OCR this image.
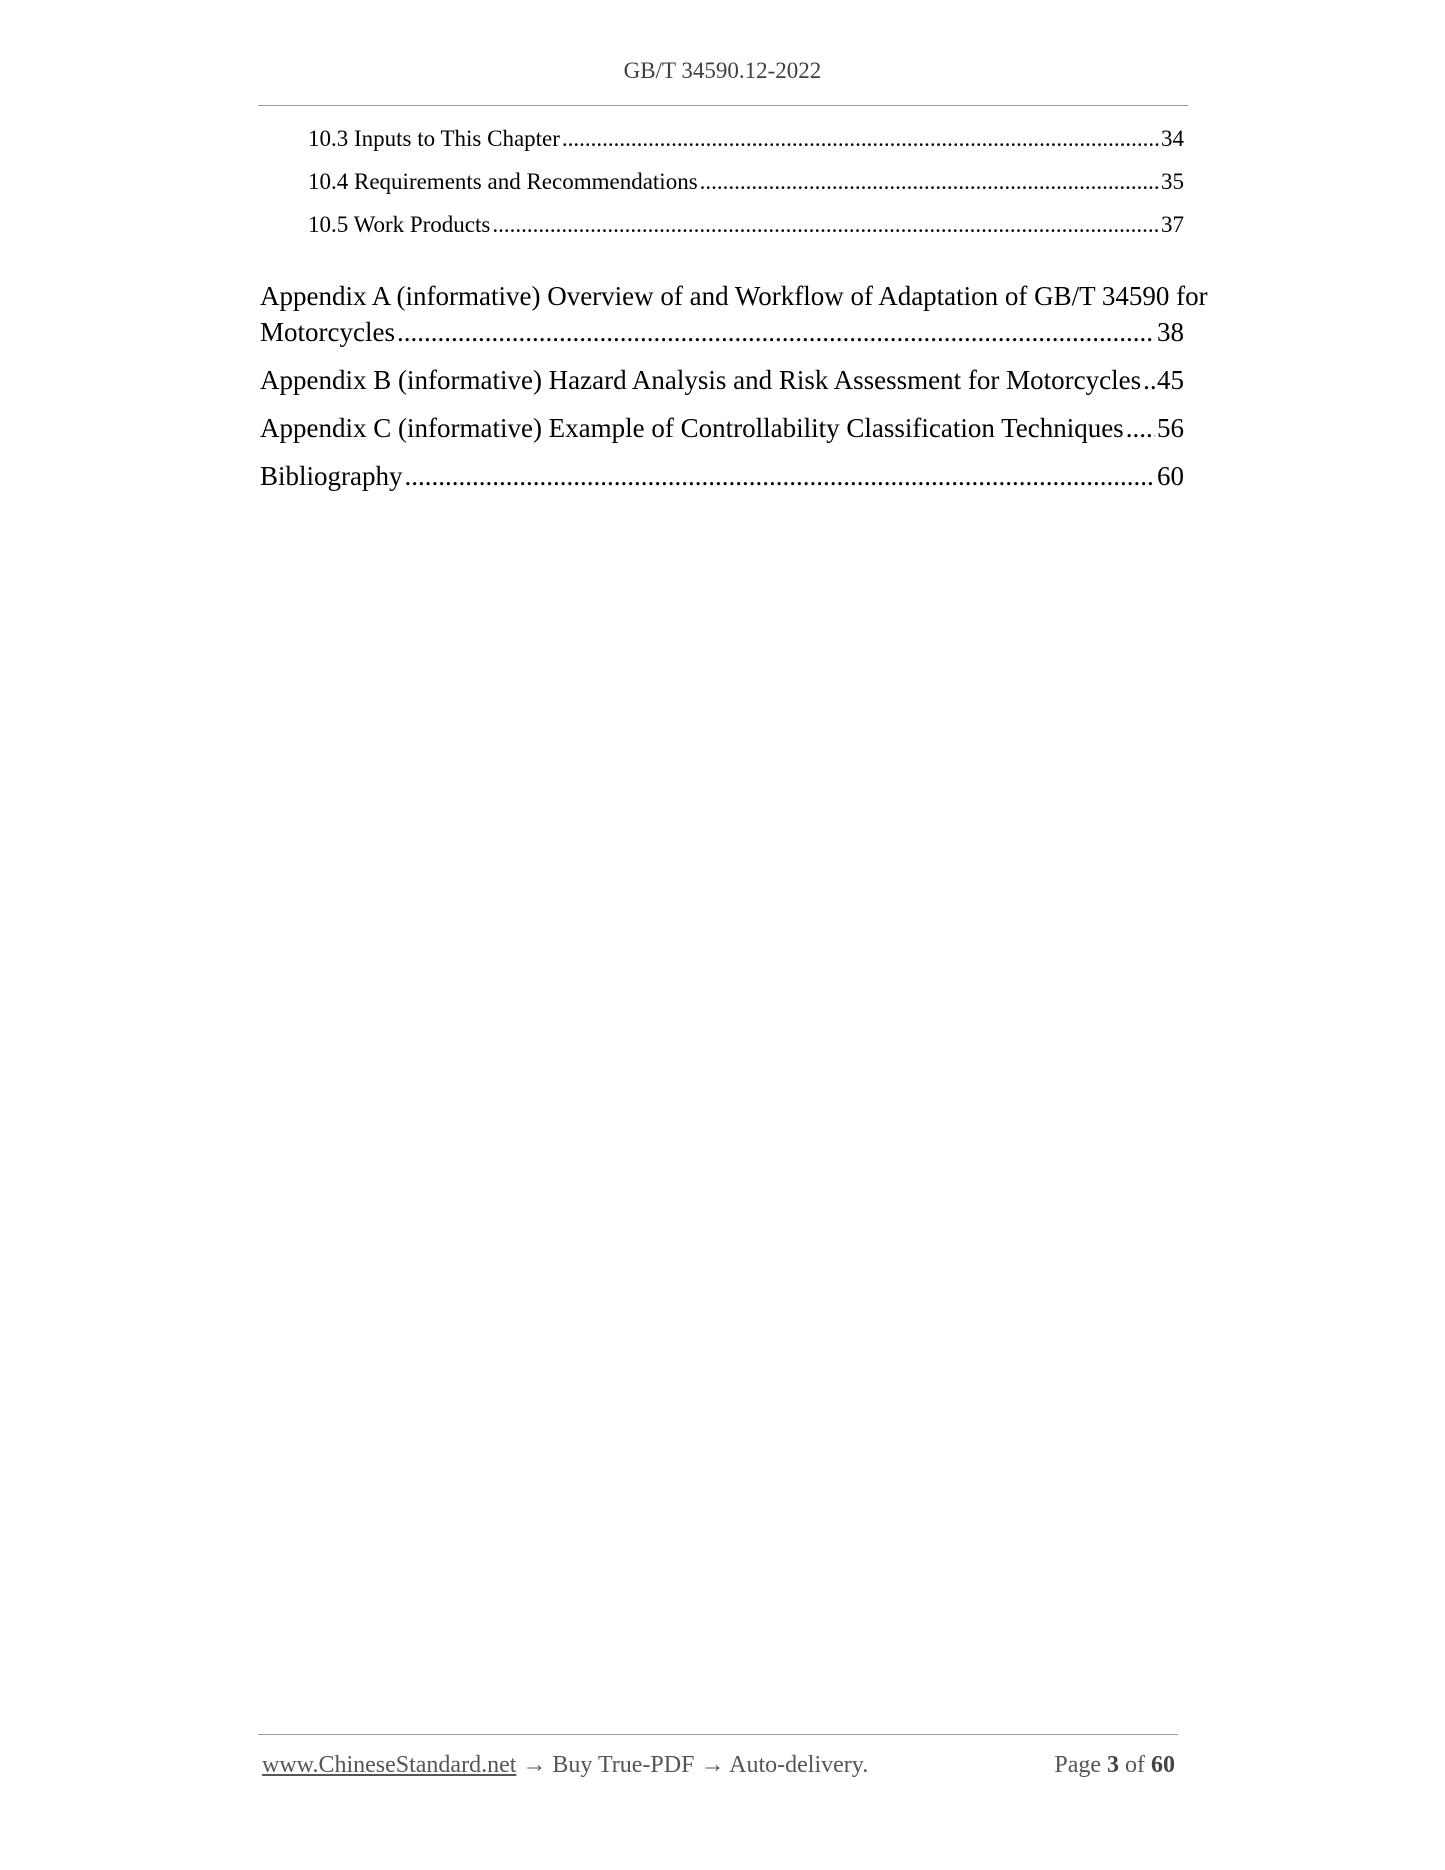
GB/T 34590.12-2022
10.3 Inputs to This Chapter .....	34
10.4 Requirements and Recommendations .....	35
10.5 Work Products .....	37
Appendix A (informative) Overview of and Workflow of Adaptation of GB/T 34590 for
Motorcycles .....	38
Appendix B (informative) Hazard Analysis and Risk Assessment for Motorcycles ..... 45
Appendix C (informative) Example of Controllability Classification Techniques ..... 56
Bibliography .....	60
www.ChineseStandard.net → Buy True-PDF → Auto-delivery.	Page 3 of 60
